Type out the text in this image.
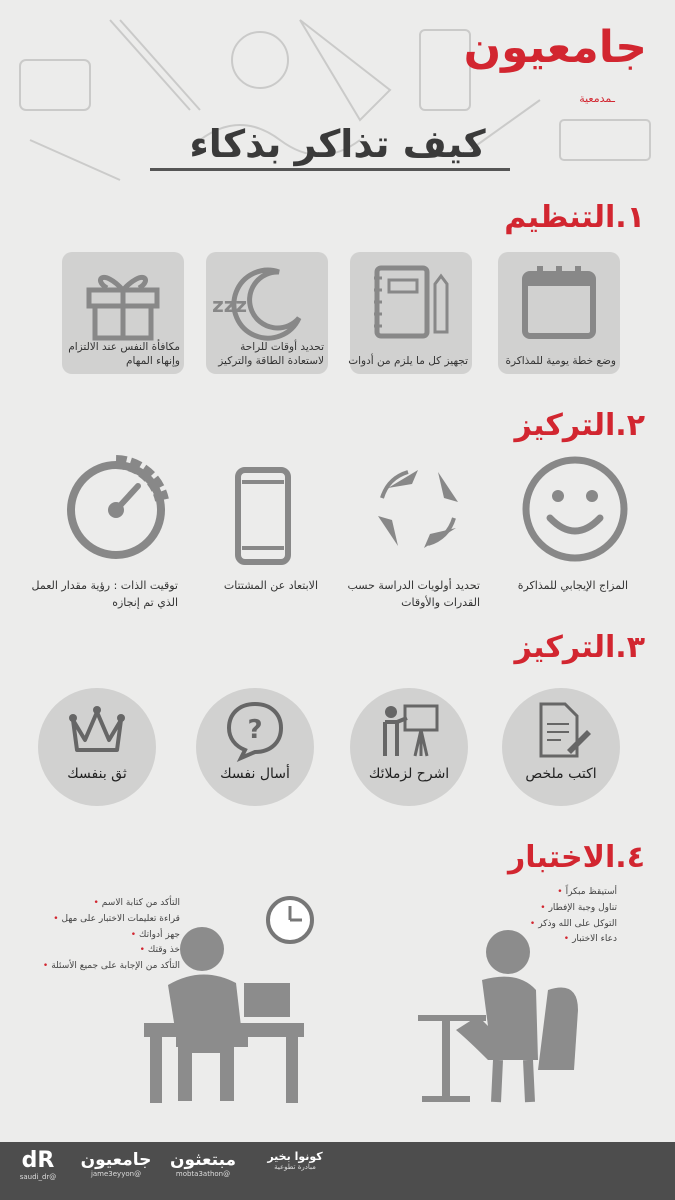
جامعيون
ـمدمعية
كيف تذاكر بذكاء
١.التنظيم
وضع خطة يومية للمذاكرة
تجهيز كل ما يلزم من أدوات
zzz
تحديد أوقات للراحة لاستعادة الطاقة والتركيز
مكافأة النفس عند الالتزام وإنهاء المهام
٢.التركيز
المزاج الإيجابي للمذاكرة
تحديد أولويات الدراسة حسب القدرات والأوقات
الابتعاد عن المشتتات
توقيت الذات : رؤية مقدار العمل الذي تم إنجازه
٣.التركيز
اكتب ملخص
اشرح لزملائك
?
أسال نفسك
ثق بنفسك
٤.الاختبار
أستيقظ مبكراً •
تناول وجبة الإفطار •
التوكل على الله وذكر •
دعاء الاختبار •
التأكد من كتابة الاسم •
قراءة تعليمات الاختبار على مهل •
جهز أدواتك •
خذ وقتك •
التأكد من الإجابة على جميع الأسئلة •
كونوا بخير
مبادرة تطوعية
مبتعثون
@mobta3athon
جامعيون
@jame3eyyon
dR
@saudi_dr
